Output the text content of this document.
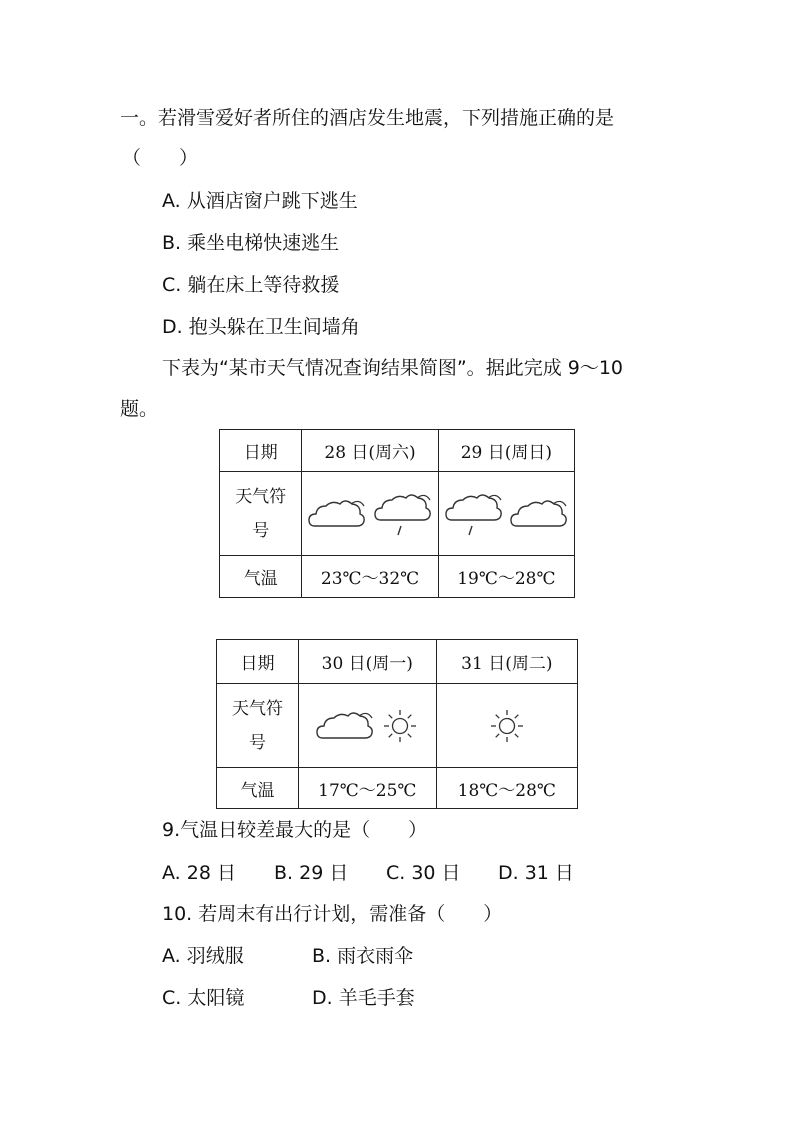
一。若滑雪爱好者所住的酒店发生地震，下列措施正确的是
（　　）
A. 从酒店窗户跳下逃生
B. 乘坐电梯快速逃生
C. 躺在床上等待救援
D. 抱头躲在卫生间墙角
下表为“某市天气情况查询结果简图”。据此完成 9～10
题。
日期	28 日(周六)	29 日(周日)

天气符
号

气温	23℃～32℃	19℃～28℃
日期	30 日(周一)	31 日(周二)

天气符
号

气温	17℃～25℃	18℃～28℃
9.气温日较差最大的是（　　）
A. 28 日 B. 29 日 C. 30 日 D. 31 日
10. 若周末有出行计划，需准备（　　）
A. 羽绒服	B. 雨衣雨伞
C. 太阳镜	D. 羊毛手套
